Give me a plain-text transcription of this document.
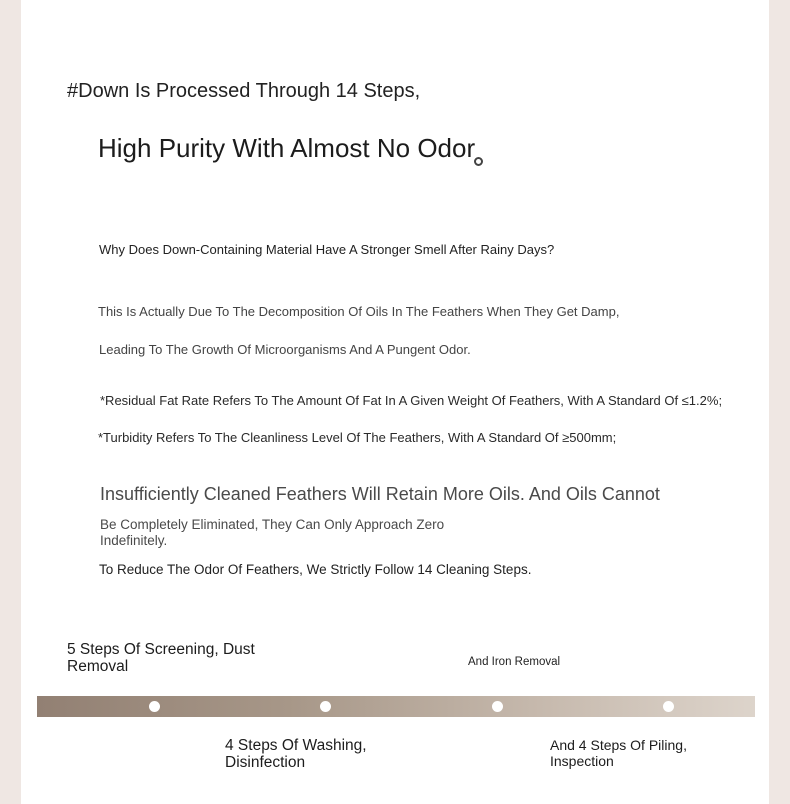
#Down Is Processed Through 14 Steps,
High Purity With Almost No Odor
Why Does Down-Containing Material Have A Stronger Smell After Rainy Days?
This Is Actually Due To The Decomposition Of Oils In The Feathers When They Get Damp,
Leading To The Growth Of Microorganisms And A Pungent Odor.
*Residual Fat Rate Refers To The Amount Of Fat In A Given Weight Of Feathers, With A Standard Of ≤1.2%;
*Turbidity Refers To The Cleanliness Level Of The Feathers, With A Standard Of ≥500mm;
Insufficiently Cleaned Feathers Will Retain More Oils. And Oils Cannot
Be Completely Eliminated, They Can Only Approach Zero Indefinitely.
To Reduce The Odor Of Feathers, We Strictly Follow 14 Cleaning Steps.
5 Steps Of Screening, Dust Removal	And Iron Removal
4 Steps Of Washing, Disinfection
And 4 Steps Of Piling, Inspection
